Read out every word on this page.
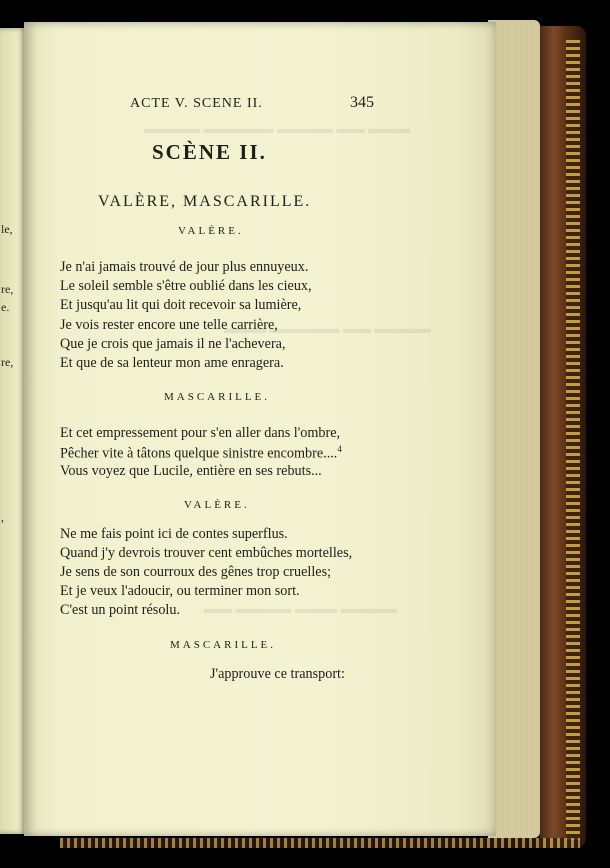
le,
re,
e.
re,
,
▬▬▬ ▬▬ ▬▬▬▬ ▬▬▬▬▬ ▬▬▬▬
▬▬▬▬ ▬▬ ▬▬▬▬▬ ▬▬▬
▬▬▬▬ ▬▬▬ ▬▬▬▬ ▬▬
ACTE V. SCENE II.	345
SCÈNE II.
VALÈRE, MASCARILLE.
VALÈRE.
Je n'ai jamais trouvé de jour plus ennuyeux.
Le soleil semble s'être oublié dans les cieux,
Et jusqu'au lit qui doit recevoir sa lumière,
Je vois rester encore une telle carrière,
Que je crois que jamais il ne l'achevera,
Et que de sa lenteur mon ame enragera.
MASCARILLE.
Et cet empressement pour s'en aller dans l'ombre,
Pêcher vite à tâtons quelque sinistre encombre....$^4$
Vous voyez que Lucile, entière en ses rebuts...
VALÈRE.
Ne me fais point ici de contes superflus.
Quand j'y devrois trouver cent embûches mortelles,
Je sens de son courroux des gênes trop cruelles;
Et je veux l'adoucir, ou terminer mon sort.
C'est un point résolu.
MASCARILLE.
J'approuve ce transport:
